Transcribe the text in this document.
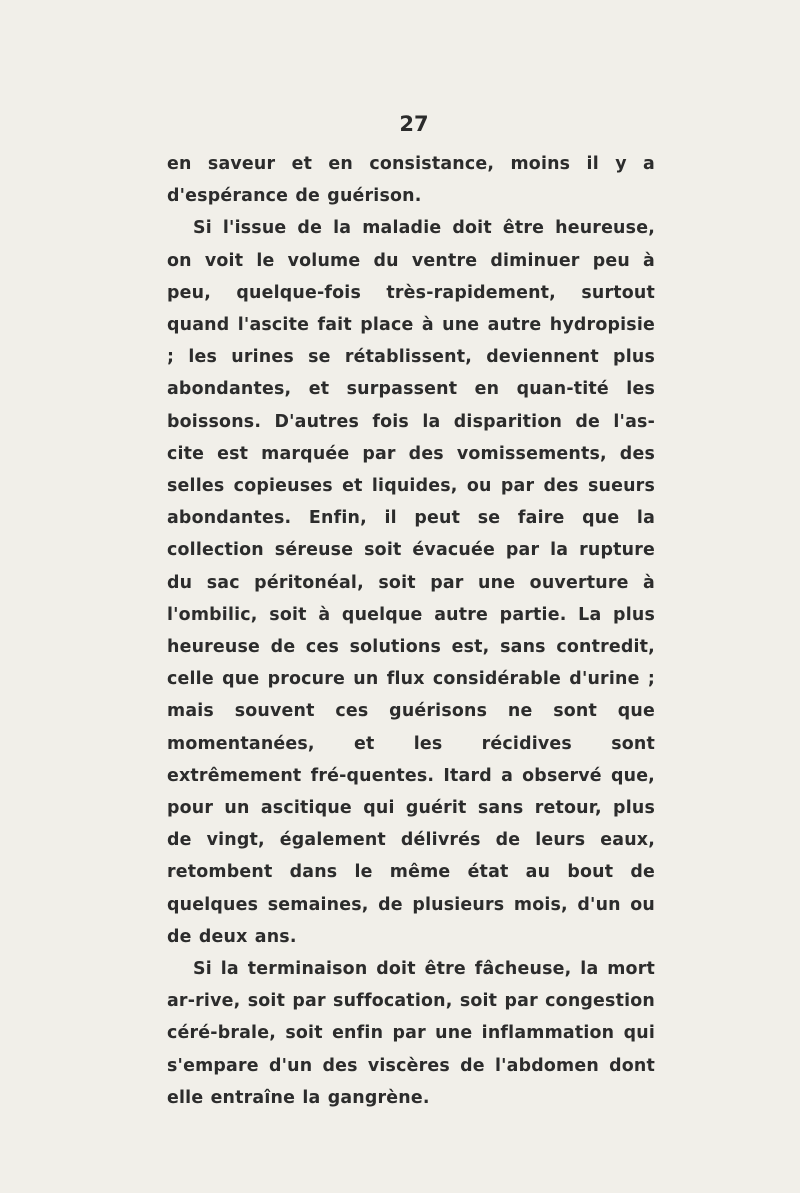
27

en saveur et en consistance, moins il y a d'espérance de guérison.

Si l'issue de la maladie doit être heureuse, on voit le volume du ventre diminuer peu à peu, quelque-fois très-rapidement, surtout quand l'ascite fait place à une autre hydropisie ; les urines se rétablissent, deviennent plus abondantes, et surpassent en quan-tité les boissons. D'autres fois la disparition de l'as-cite est marquée par des vomissements, des selles copieuses et liquides, ou par des sueurs abondantes. Enfin, il peut se faire que la collection séreuse soit évacuée par la rupture du sac péritonéal, soit par une ouverture à l'ombilic, soit à quelque autre partie. La plus heureuse de ces solutions est, sans contredit, celle que procure un flux considérable d'urine ; mais souvent ces guérisons ne sont que momentanées, et les récidives sont extrêmement fré-quentes. Itard a observé que, pour un ascitique qui guérit sans retour, plus de vingt, également délivrés de leurs eaux, retombent dans le même état au bout de quelques semaines, de plusieurs mois, d'un ou de deux ans.

Si la terminaison doit être fâcheuse, la mort ar-rive, soit par suffocation, soit par congestion céré-brale, soit enfin par une inflammation qui s'empare d'un des viscères de l'abdomen dont elle entraîne la gangrène.
